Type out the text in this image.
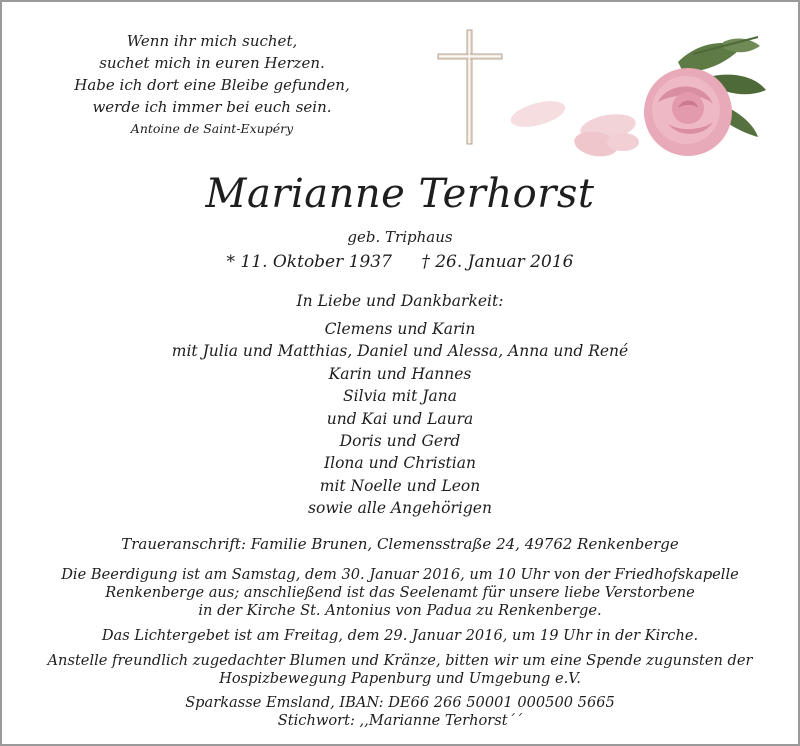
Wenn ihr mich suchet,
suchet mich in euren Herzen.
Habe ich dort eine Bleibe gefunden,
werde ich immer bei euch sein.
Antoine de Saint-Exupéry
Marianne Terhorst
geb. Triphaus
* 11. Oktober 1937 † 26. Januar 2016
In Liebe und Dankbarkeit:
Clemens und Karin
mit Julia und Matthias, Daniel und Alessa, Anna und René
Karin und Hannes
Silvia mit Jana
und Kai und Laura
Doris und Gerd
Ilona und Christian
mit Noelle und Leon
sowie alle Angehörigen
Traueranschrift: Familie Brunen, Clemensstraße 24, 49762 Renkenberge
Die Beerdigung ist am Samstag, dem 30. Januar 2016, um 10 Uhr von der Friedhofskapelle
Renkenberge aus; anschließend ist das Seelenamt für unsere liebe Verstorbene
in der Kirche St. Antonius von Padua zu Renkenberge.
Das Lichtergebet ist am Freitag, dem 29. Januar 2016, um 19 Uhr in der Kirche.
Anstelle freundlich zugedachter Blumen und Kränze, bitten wir um eine Spende zugunsten der
Hospizbewegung Papenburg und Umgebung e.V.
Sparkasse Emsland, IBAN: DE66 266 50001 000500 5665
Stichwort: ,,Marianne Terhorst´´
